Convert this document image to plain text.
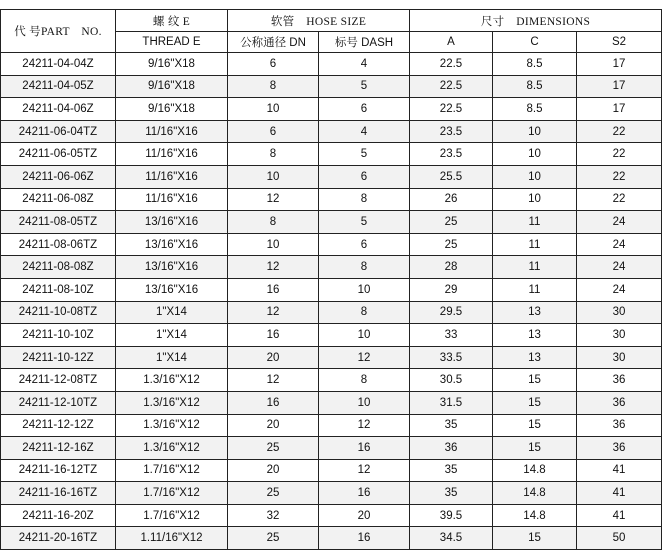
代 号PART　NO.	螺 纹 E	软管　HOSE SIZE		尺寸　DIMENSIONS		
	THREAD E	公称通径 DN	标号 DASH	A	C	S2
24211-04-04Z	9/16"X18	6	4	22.5	8.5	17
24211-04-05Z	9/16"X18	8	5	22.5	8.5	17
24211-04-06Z	9/16"X18	10	6	22.5	8.5	17
24211-06-04TZ	11/16"X16	6	4	23.5	10	22
24211-06-05TZ	11/16"X16	8	5	23.5	10	22
24211-06-06Z	11/16"X16	10	6	25.5	10	22
24211-06-08Z	11/16"X16	12	8	26	10	22
24211-08-05TZ	13/16"X16	8	5	25	11	24
24211-08-06TZ	13/16"X16	10	6	25	11	24
24211-08-08Z	13/16"X16	12	8	28	11	24
24211-08-10Z	13/16"X16	16	10	29	11	24
24211-10-08TZ	1"X14	12	8	29.5	13	30
24211-10-10Z	1"X14	16	10	33	13	30
24211-10-12Z	1"X14	20	12	33.5	13	30
24211-12-08TZ	1.3/16"X12	12	8	30.5	15	36
24211-12-10TZ	1.3/16"X12	16	10	31.5	15	36
24211-12-12Z	1.3/16"X12	20	12	35	15	36
24211-12-16Z	1.3/16"X12	25	16	36	15	36
24211-16-12TZ	1.7/16"X12	20	12	35	14.8	41
24211-16-16TZ	1.7/16"X12	25	16	35	14.8	41
24211-16-20Z	1.7/16"X12	32	20	39.5	14.8	41
24211-20-16TZ	1.11/16"X12	25	16	34.5	15	50
